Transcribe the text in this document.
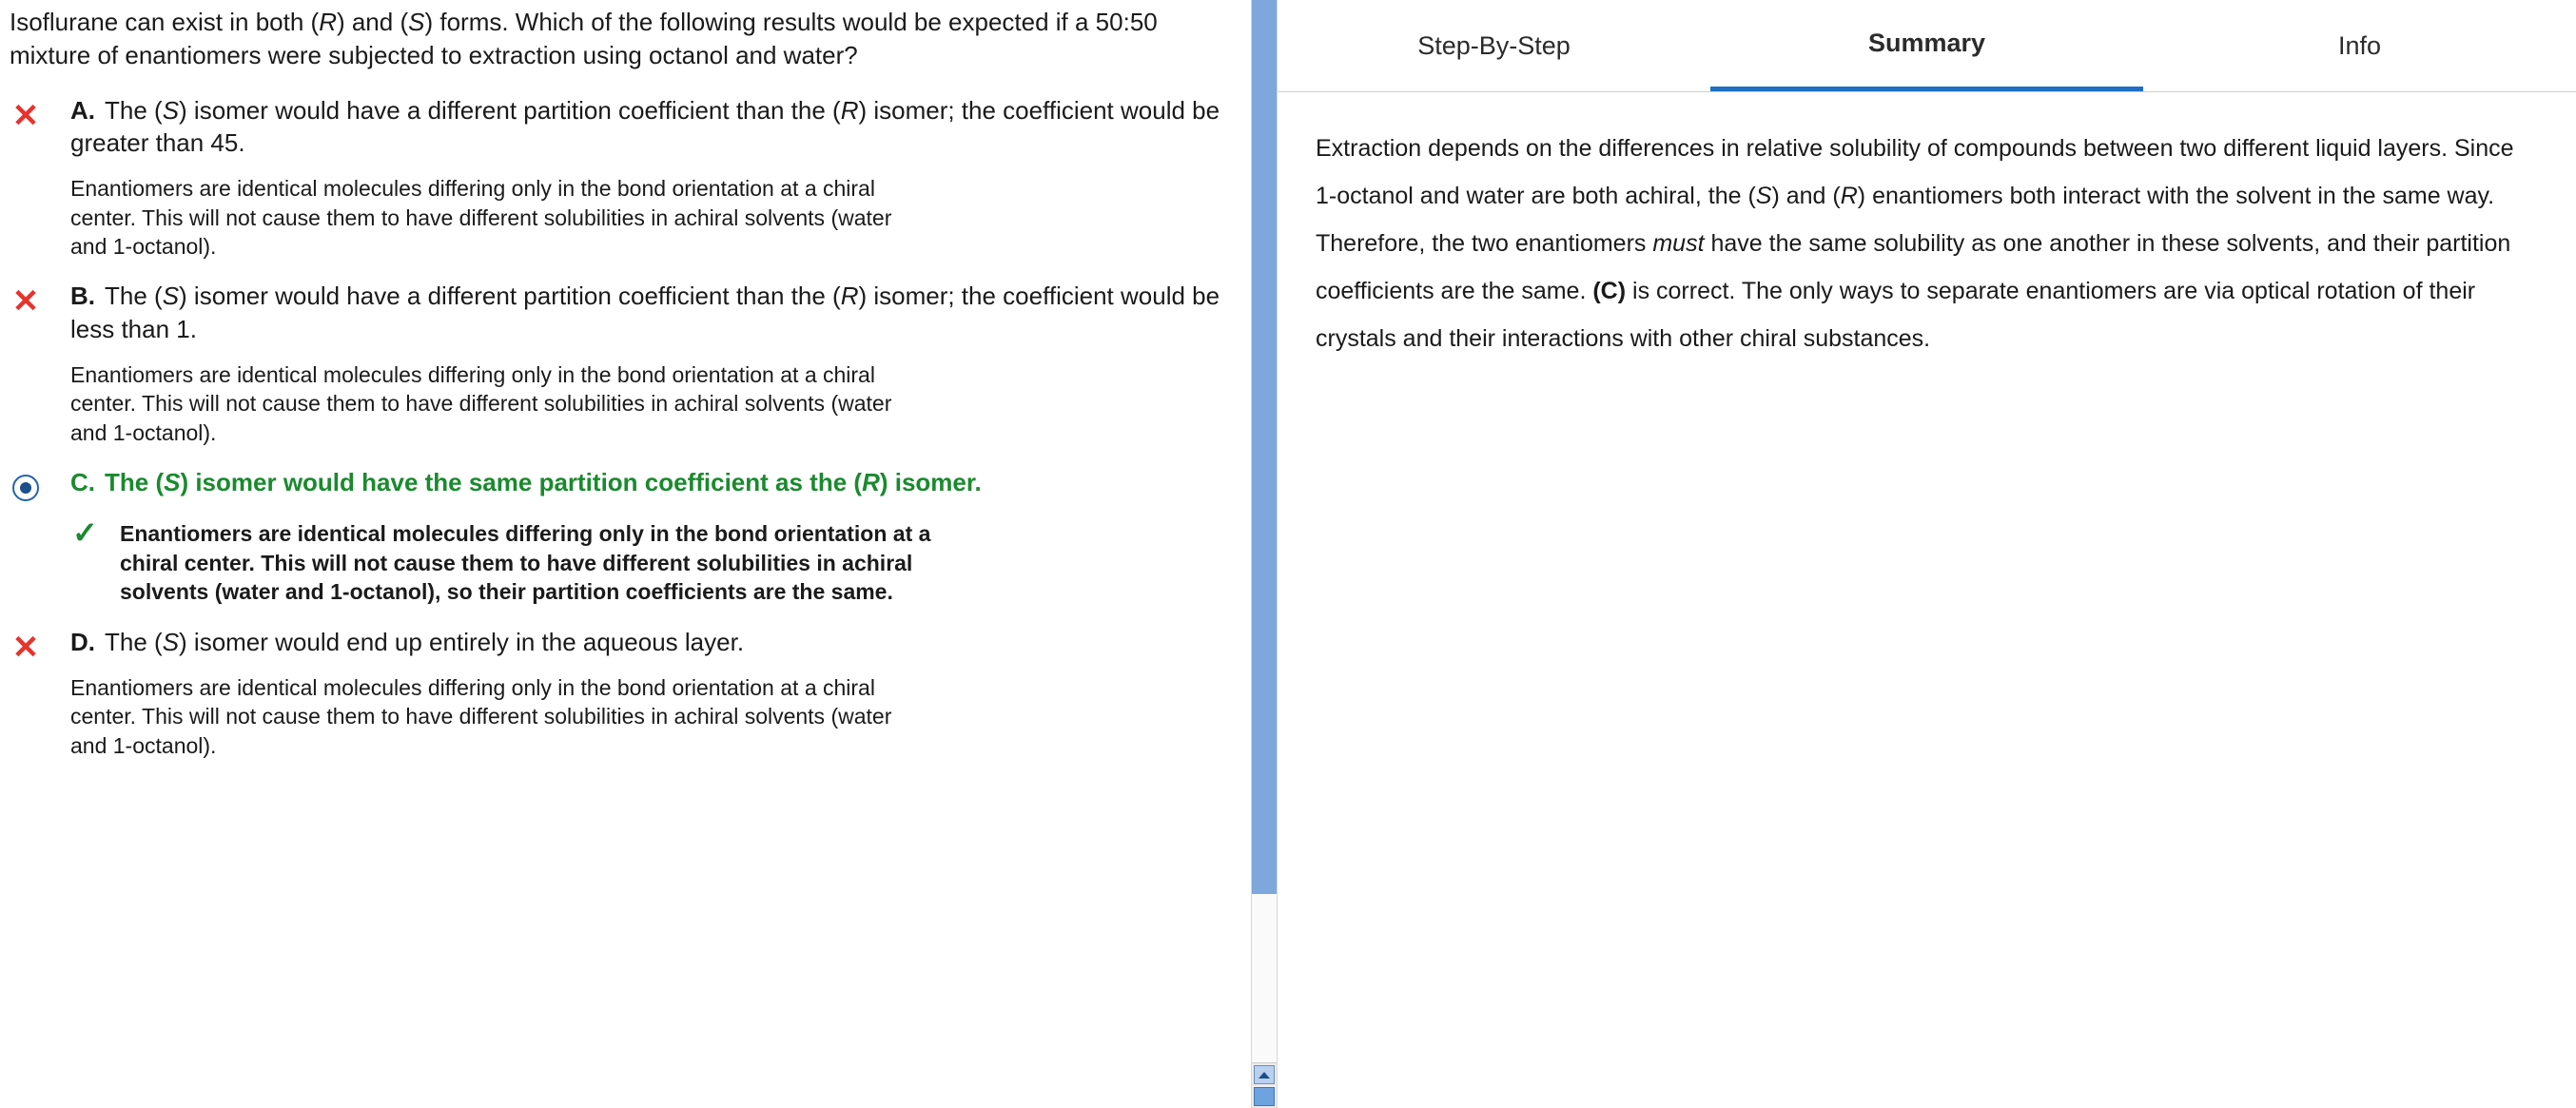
Isoflurane can exist in both (R) and (S) forms. Which of the following results would be expected if a 50:50 mixture of enantiomers were subjected to extraction using octanol and water?
✕ A. The (S) isomer would have a different partition coefficient than the (R) isomer; the coefficient would be greater than 45.
Enantiomers are identical molecules differing only in the bond orientation at a chiral center. This will not cause them to have different solubilities in achiral solvents (water and 1-octanol).
✕ B. The (S) isomer would have a different partition coefficient than the (R) isomer; the coefficient would be less than 1.
Enantiomers are identical molecules differing only in the bond orientation at a chiral center. This will not cause them to have different solubilities in achiral solvents (water and 1-octanol).
C. The (S) isomer would have the same partition coefficient as the (R) isomer.
✓ Enantiomers are identical molecules differing only in the bond orientation at a chiral center. This will not cause them to have different solubilities in achiral solvents (water and 1-octanol), so their partition coefficients are the same.
✕ D. The (S) isomer would end up entirely in the aqueous layer.
Enantiomers are identical molecules differing only in the bond orientation at a chiral center. This will not cause them to have different solubilities in achiral solvents (water and 1-octanol).
Step-By-Step	Summary	Info
Extraction depends on the differences in relative solubility of compounds between two different liquid layers. Since 1-octanol and water are both achiral, the (S) and (R) enantiomers both interact with the solvent in the same way. Therefore, the two enantiomers must have the same solubility as one another in these solvents, and their partition coefficients are the same. (C) is correct. The only ways to separate enantiomers are via optical rotation of their crystals and their interactions with other chiral substances.
